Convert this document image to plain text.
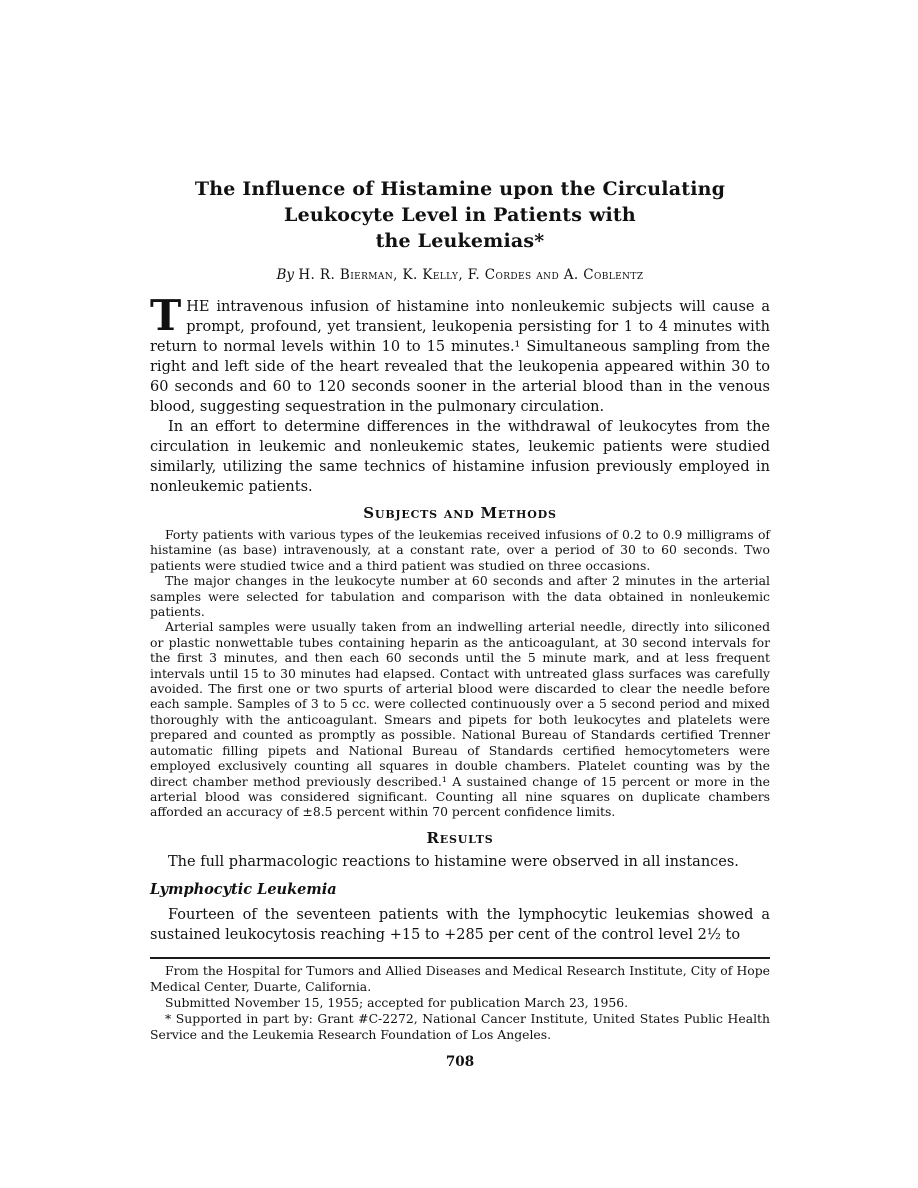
The Influence of Histamine upon the Circulating
Leukocyte Level in Patients with
the Leukemias*
By H. R. Bierman, K. Kelly, F. Cordes and A. Coblentz
THE intravenous infusion of histamine into nonleukemic subjects will cause a prompt, profound, yet transient, leukopenia persisting for 1 to 4 minutes with return to normal levels within 10 to 15 minutes.¹ Simultaneous sampling from the right and left side of the heart revealed that the leukopenia appeared within 30 to 60 seconds and 60 to 120 seconds sooner in the arterial blood than in the venous blood, suggesting sequestration in the pulmonary circulation.

In an effort to determine differences in the withdrawal of leukocytes from the circulation in leukemic and nonleukemic states, leukemic patients were studied similarly, utilizing the same technics of histamine infusion previously employed in nonleukemic patients.

Subjects and Methods

Forty patients with various types of the leukemias received infusions of 0.2 to 0.9 milligrams of histamine (as base) intravenously, at a constant rate, over a period of 30 to 60 seconds. Two patients were studied twice and a third patient was studied on three occasions.

The major changes in the leukocyte number at 60 seconds and after 2 minutes in the arterial samples were selected for tabulation and comparison with the data obtained in nonleukemic patients.

Arterial samples were usually taken from an indwelling arterial needle, directly into siliconed or plastic nonwettable tubes containing heparin as the anticoagulant, at 30 second intervals for the first 3 minutes, and then each 60 seconds until the 5 minute mark, and at less frequent intervals until 15 to 30 minutes had elapsed. Contact with untreated glass surfaces was carefully avoided. The first one or two spurts of arterial blood were discarded to clear the needle before each sample. Samples of 3 to 5 cc. were collected continuously over a 5 second period and mixed thoroughly with the anticoagulant. Smears and pipets for both leukocytes and platelets were prepared and counted as promptly as possible. National Bureau of Standards certified Trenner automatic filling pipets and National Bureau of Standards certified hemocytometers were employed exclusively counting all squares in double chambers. Platelet counting was by the direct chamber method previously described.¹ A sustained change of 15 percent or more in the arterial blood was considered significant. Counting all nine squares on duplicate chambers afforded an accuracy of ±8.5 percent within 70 percent confidence limits.

Results

The full pharmacologic reactions to histamine were observed in all instances.

Lymphocytic Leukemia

Fourteen of the seventeen patients with the lymphocytic leukemias showed a sustained leukocytosis reaching +15 to +285 per cent of the control level 2½ to

From the Hospital for Tumors and Allied Diseases and Medical Research Institute, City of Hope Medical Center, Duarte, California.

Submitted November 15, 1955; accepted for publication March 23, 1956.

* Supported in part by: Grant #C-2272, National Cancer Institute, United States Public Health Service and the Leukemia Research Foundation of Los Angeles.

708
